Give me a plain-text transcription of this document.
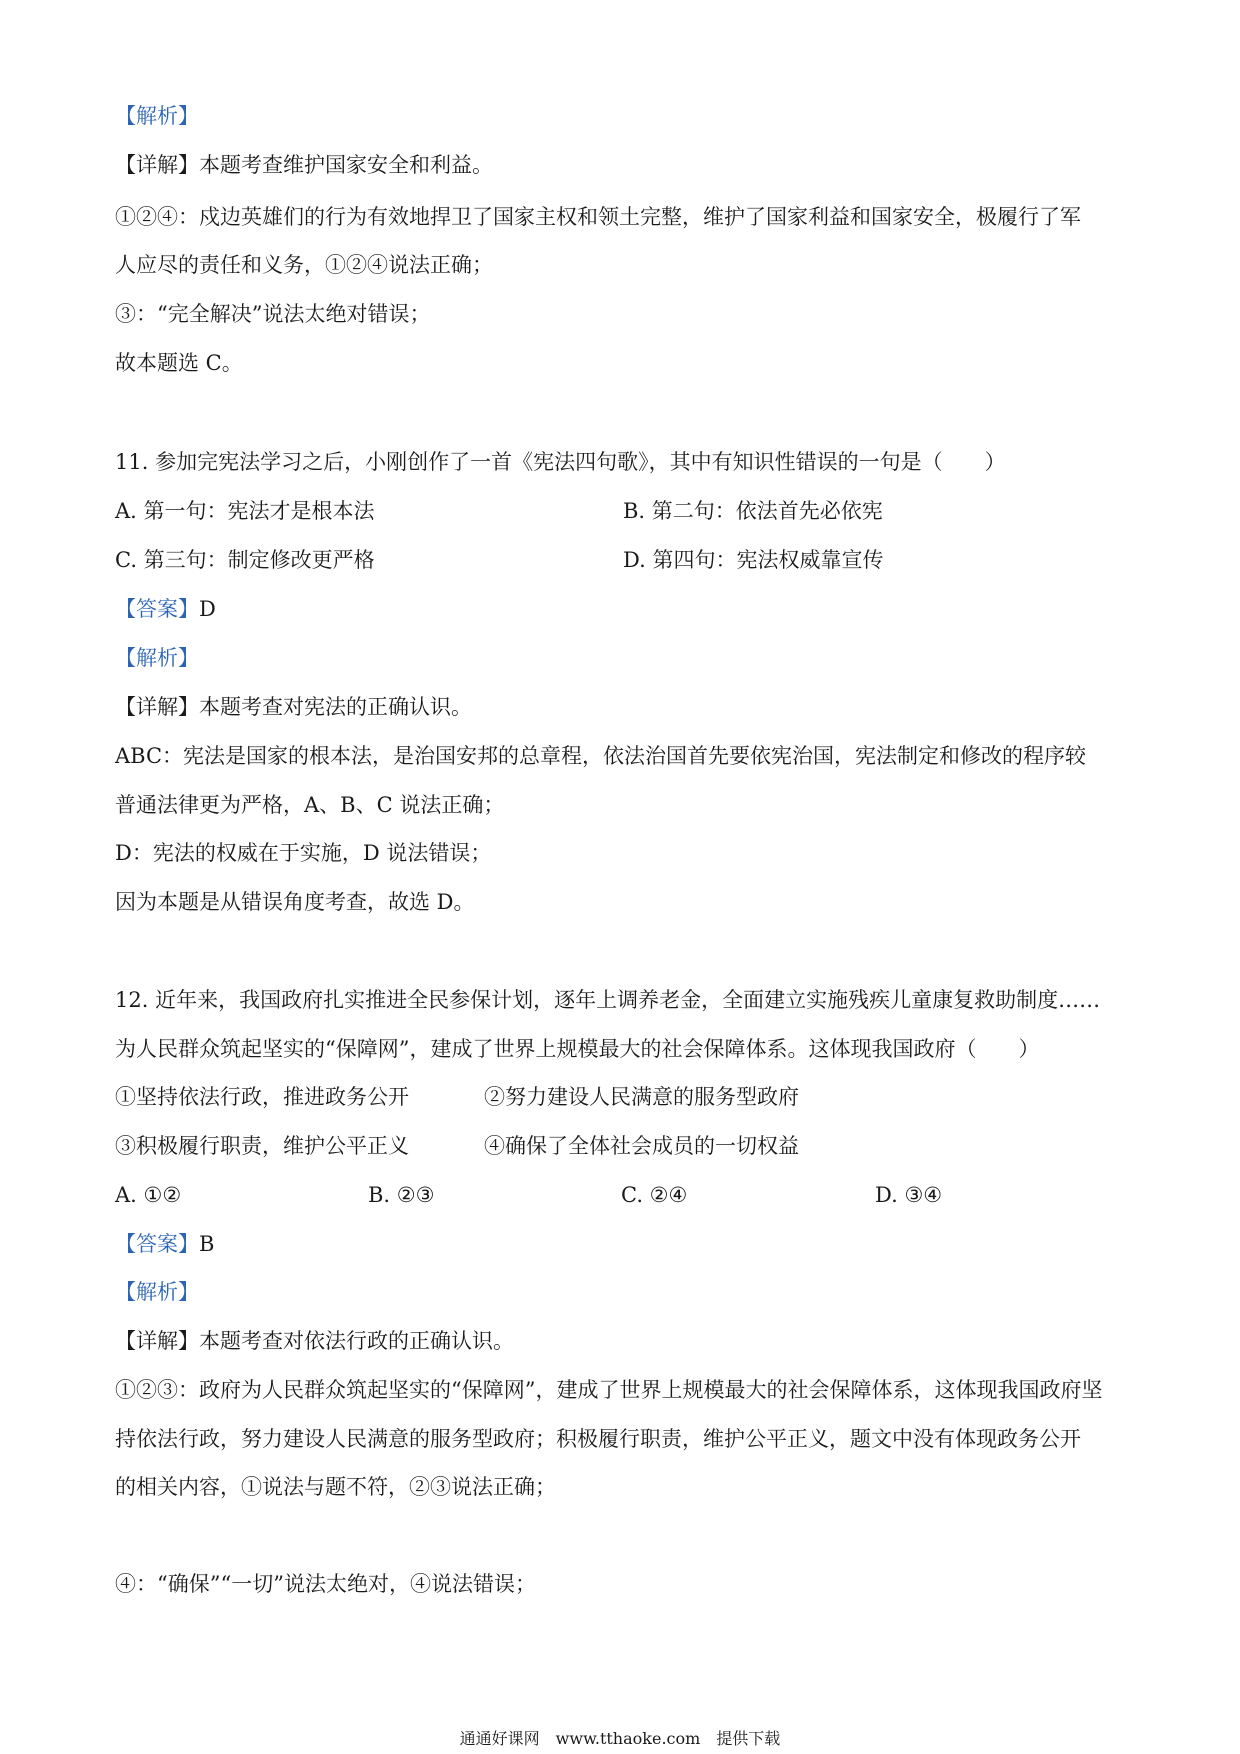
【解析】
【详解】本题考查维护国家安全和利益。
①②④：戍边英雄们的行为有效地捍卫了国家主权和领土完整，维护了国家利益和国家安全，极履行了军
人应尽的责任和义务，①②④说法正确；
③：“完全解决”说法太绝对错误；
故本题选 C。
11. 参加完宪法学习之后，小刚创作了一首《宪法四句歌》，其中有知识性错误的一句是（　　）
A. 第一句：宪法才是根本法	B. 第二句：依法首先必依宪
C. 第三句：制定修改更严格	D. 第四句：宪法权威靠宣传
【答案】D
【解析】
【详解】本题考查对宪法的正确认识。
ABC：宪法是国家的根本法，是治国安邦的总章程，依法治国首先要依宪治国，宪法制定和修改的程序较
普通法律更为严格，A、B、C 说法正确；
D：宪法的权威在于实施，D 说法错误；
因为本题是从错误角度考查，故选 D。
12. 近年来，我国政府扎实推进全民参保计划，逐年上调养老金，全面建立实施残疾儿童康复救助制度……
为人民群众筑起坚实的“保障网”，建成了世界上规模最大的社会保障体系。这体现我国政府（　　）
①坚持依法行政，推进政务公开	②努力建设人民满意的服务型政府
③积极履行职责，维护公平正义	④确保了全体社会成员的一切权益
A. ①②	B. ②③	C. ②④	D. ③④
【答案】B
【解析】
【详解】本题考查对依法行政的正确认识。
①②③：政府为人民群众筑起坚实的“保障网”，建成了世界上规模最大的社会保障体系，这体现我国政府坚
持依法行政，努力建设人民满意的服务型政府；积极履行职责，维护公平正义，题文中没有体现政务公开
的相关内容，①说法与题不符，②③说法正确；
④：“确保”“一切”说法太绝对，④说法错误；
通通好课网　www.tthaoke.com　提供下载
